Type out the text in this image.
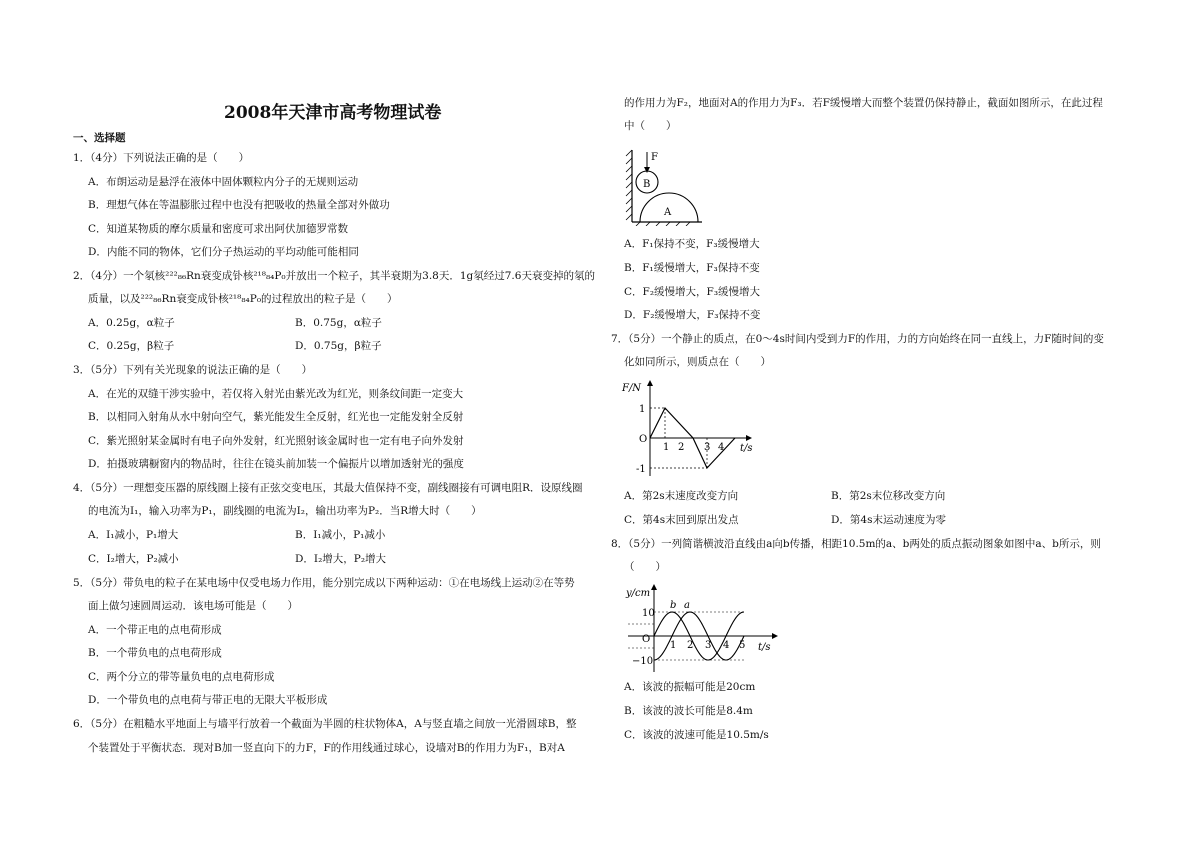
2008年天津市高考物理试卷
一、选择题
1．（4分）下列说法正确的是（　　）
A．布朗运动是悬浮在液体中固体颗粒内分子的无规则运动
B．理想气体在等温膨胀过程中也没有把吸收的热量全部对外做功
C．知道某物质的摩尔质量和密度可求出阿伏加德罗常数
D．内能不同的物体，它们分子热运动的平均动能可能相同
2．（4分）一个氡核²²²₈₆Rn衰变成钋核²¹⁸₈₄P₀并放出一个粒子，其半衰期为3.8天．1g氡经过7.6天衰变掉的氡的
质量，以及²²²₈₆Rn衰变成钋核²¹⁸₈₄P₀的过程放出的粒子是（　　）
A．0.25g，α粒子	B．0.75g，α粒子
C．0.25g，β粒子	D．0.75g，β粒子
3．（5分）下列有关光现象的说法正确的是（　　）
A．在光的双缝干涉实验中，若仅将入射光由紫光改为红光，则条纹间距一定变大
B．以相同入射角从水中射向空气，紫光能发生全反射，红光也一定能发射全反射
C．紫光照射某金属时有电子向外发射，红光照射该金属时也一定有电子向外发射
D．拍摄玻璃橱窗内的物品时，往往在镜头前加装一个偏振片以增加透射光的强度
4．（5分）一理想变压器的原线圈上接有正弦交变电压，其最大值保持不变，副线圈接有可调电阻R．设原线圈
的电流为I₁，输入功率为P₁，副线圈的电流为I₂，输出功率为P₂．当R增大时（　　）
A．I₁减小，P₁增大	B．I₁减小，P₁减小
C．I₂增大，P₂减小	D．I₂增大，P₂增大
5．（5分）带负电的粒子在某电场中仅受电场力作用，能分别完成以下两种运动：①在电场线上运动②在等势
面上做匀速圆周运动．该电场可能是（　　）
A．一个带正电的点电荷形成
B．一个带负电的点电荷形成
C．两个分立的带等量负电的点电荷形成
D．一个带负电的点电荷与带正电的无限大平板形成
6．（5分）在粗糙水平地面上与墙平行放着一个截面为半圆的柱状物体A，A与竖直墙之间放一光滑圆球B，整
个装置处于平衡状态．现对B加一竖直向下的力F，F的作用线通过球心，设墙对B的作用力为F₁，B对A
的作用力为F₂，地面对A的作用力为F₃．若F缓慢增大而整个装置仍保持静止，截面如图所示，在此过程
中（　　）
F
B
A
A．F₁保持不变，F₃缓慢增大
B．F₁缓慢增大，F₃保持不变
C．F₂缓慢增大，F₃缓慢增大
D．F₂缓慢增大，F₃保持不变
7．（5分）一个静止的质点，在0～4s时间内受到力F的作用，力的方向始终在同一直线上，力F随时间的变
化如同所示，则质点在（　　）
F/N
O
1
-1
1 2 3 4 t/s
A．第2s末速度改变方向	B．第2s末位移改变方向
C．第4s末回到原出发点	D．第4s末运动速度为零
8．（5分）一列简谐横波沿直线由a向b传播，相距10.5m的a、b两处的质点振动图象如图中a、b所示，则
（　　）
y/cm
10
−10
O
b a
1 2 3 4 5 t/s
A．该波的振幅可能是20cm
B．该波的波长可能是8.4m
C．该波的波速可能是10.5m/s
